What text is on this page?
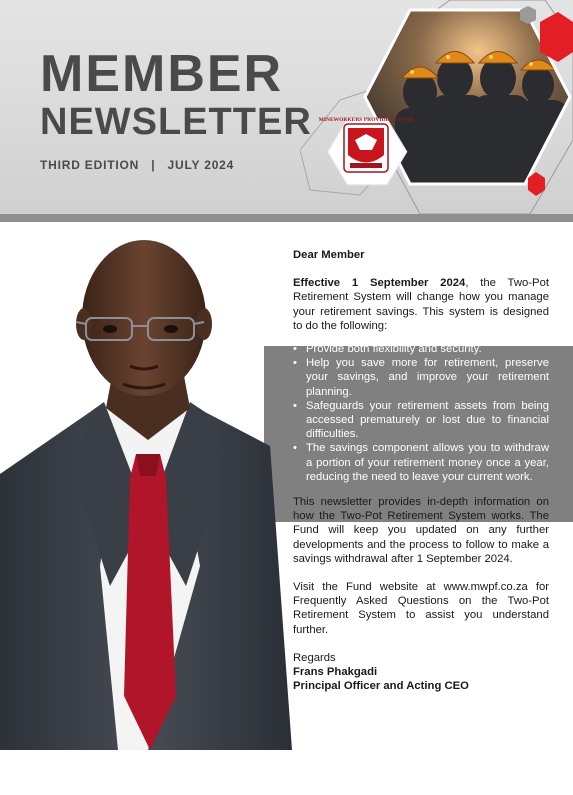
MEMBER
NEWSLETTER
THIRD EDITION | JULY 2024
MINEWORKERS PROVIDENT FUND

Dear Member

Effective 1 September 2024, the Two-Pot Retirement System will change how you manage your retirement savings. This system is designed to do the following:

• Provide both flexibility and security.
• Help you save more for retirement, preserve your savings, and improve your retirement planning.
• Safeguards your retirement assets from being accessed prematurely or lost due to financial difficulties.
• The savings component allows you to withdraw a portion of your retirement money once a year, reducing the need to leave your current work.

This newsletter provides in-depth information on how the Two-Pot Retirement System works. The Fund will keep you updated on any further developments and the process to follow to make a savings withdrawal after 1 September 2024.

Visit the Fund website at www.mwpf.co.za for Frequently Asked Questions on the Two-Pot Retirement System to assist you understand further.

Regards

Frans Phakgadi

Principal Officer and Acting CEO
